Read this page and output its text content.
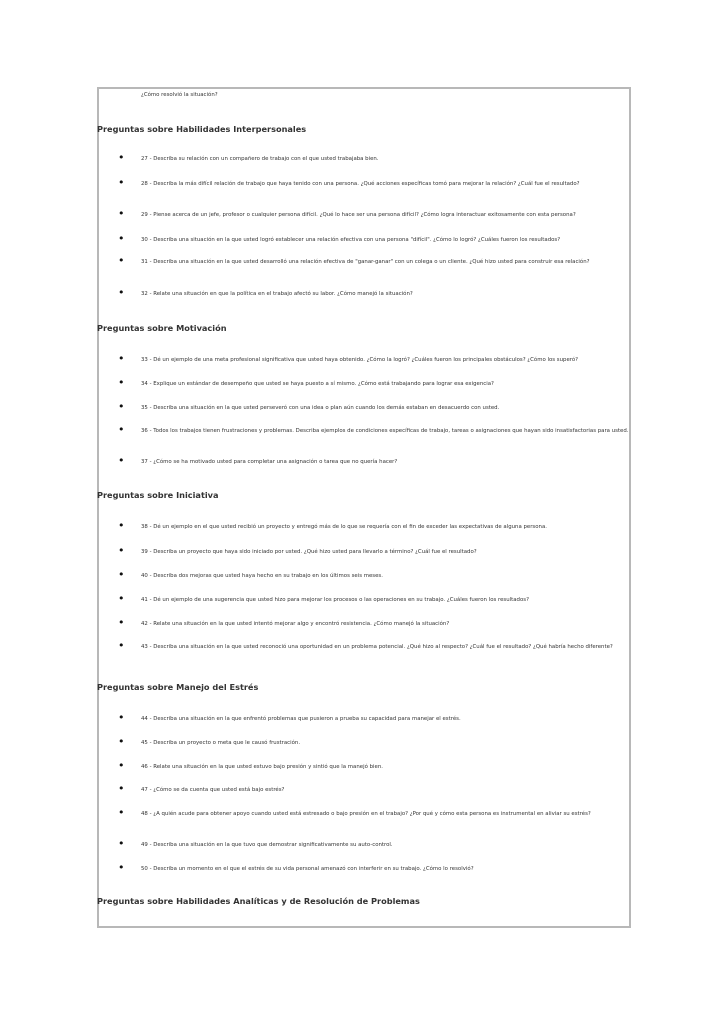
¿Cómo resolvió la situación?
Preguntas sobre Habilidades Interpersonales
•	27 - Describa su relación con un compañero de trabajo con el que usted trabajaba bien.
•	28 - Describa la más difícil relación de trabajo que haya tenido con una persona. ¿Qué acciones específicas tomó para mejorar la relación? ¿Cuál fue el resultado?
•	29 - Piense acerca de un jefe, profesor o cualquier persona difícil. ¿Qué lo hace ser una persona difícil? ¿Cómo logra interactuar exitosamente con esta persona?
•	30 - Describa una situación en la que usted logró establecer una relación efectiva con una persona "difícil". ¿Cómo lo logró? ¿Cuáles fueron los resultados?
•	31 - Describa una situación en la que usted desarrolló una relación efectiva de "ganar-ganar" con un colega o un cliente. ¿Qué hizo usted para construir esa relación?
•	32 - Relate una situación en que la política en el trabajo afectó su labor. ¿Cómo manejó la situación?
Preguntas sobre Motivación
•	33 - Dé un ejemplo de una meta profesional significativa que usted haya obtenido. ¿Cómo la logró? ¿Cuáles fueron los principales obstáculos? ¿Cómo los superó?
•	34 - Explique un estándar de desempeño que usted se haya puesto a sí mismo. ¿Cómo está trabajando para lograr esa exigencia?
•	35 - Describa una situación en la que usted perseveró con una idea o plan aún cuando los demás estaban en desacuerdo con usted.
•	36 - Todos los trabajos tienen frustraciones y problemas. Describa ejemplos de condiciones específicas de trabajo, tareas o asignaciones que hayan sido insatisfactorias para usted.
•	37 - ¿Cómo se ha motivado usted para completar una asignación o tarea que no quería hacer?
Preguntas sobre Iniciativa
•	38 - Dé un ejemplo en el que usted recibió un proyecto y entregó más de lo que se requería con el fin de exceder las expectativas de alguna persona.
•	39 - Describa un proyecto que haya sido iniciado por usted. ¿Qué hizo usted para llevarlo a término? ¿Cuál fue el resultado?
•	40 - Describa dos mejoras que usted haya hecho en su trabajo en los últimos seis meses.
•	41 - Dé un ejemplo de una sugerencia que usted hizo para mejorar los procesos o las operaciones en su trabajo. ¿Cuáles fueron los resultados?
•	42 - Relate una situación en la que usted intentó mejorar algo y encontró resistencia. ¿Cómo manejó la situación?
•	43 - Describa una situación en la que usted reconoció una oportunidad en un problema potencial. ¿Qué hizo al respecto? ¿Cuál fue el resultado? ¿Qué habría hecho diferente?
Preguntas sobre Manejo del Estrés
•	44 - Describa una situación en la que enfrentó problemas que pusieron a prueba su capacidad para manejar el estrés.
•	45 - Describa un proyecto o meta que le causó frustración.
•	46 - Relate una situación en la que usted estuvo bajo presión y sintió que la manejó bien.
•	47 - ¿Cómo se da cuenta que usted está bajo estrés?
•	48 - ¿A quién acude para obtener apoyo cuando usted está estresado o bajo presión en el trabajo? ¿Por qué y cómo esta persona es instrumental en aliviar su estrés?
•	49 - Describa una situación en la que tuvo que demostrar significativamente su auto-control.
•	50 - Describa un momento en el que el estrés de su vida personal amenazó con interferir en su trabajo. ¿Cómo lo resolvió?
Preguntas sobre Habilidades Analíticas y de Resolución de Problemas
